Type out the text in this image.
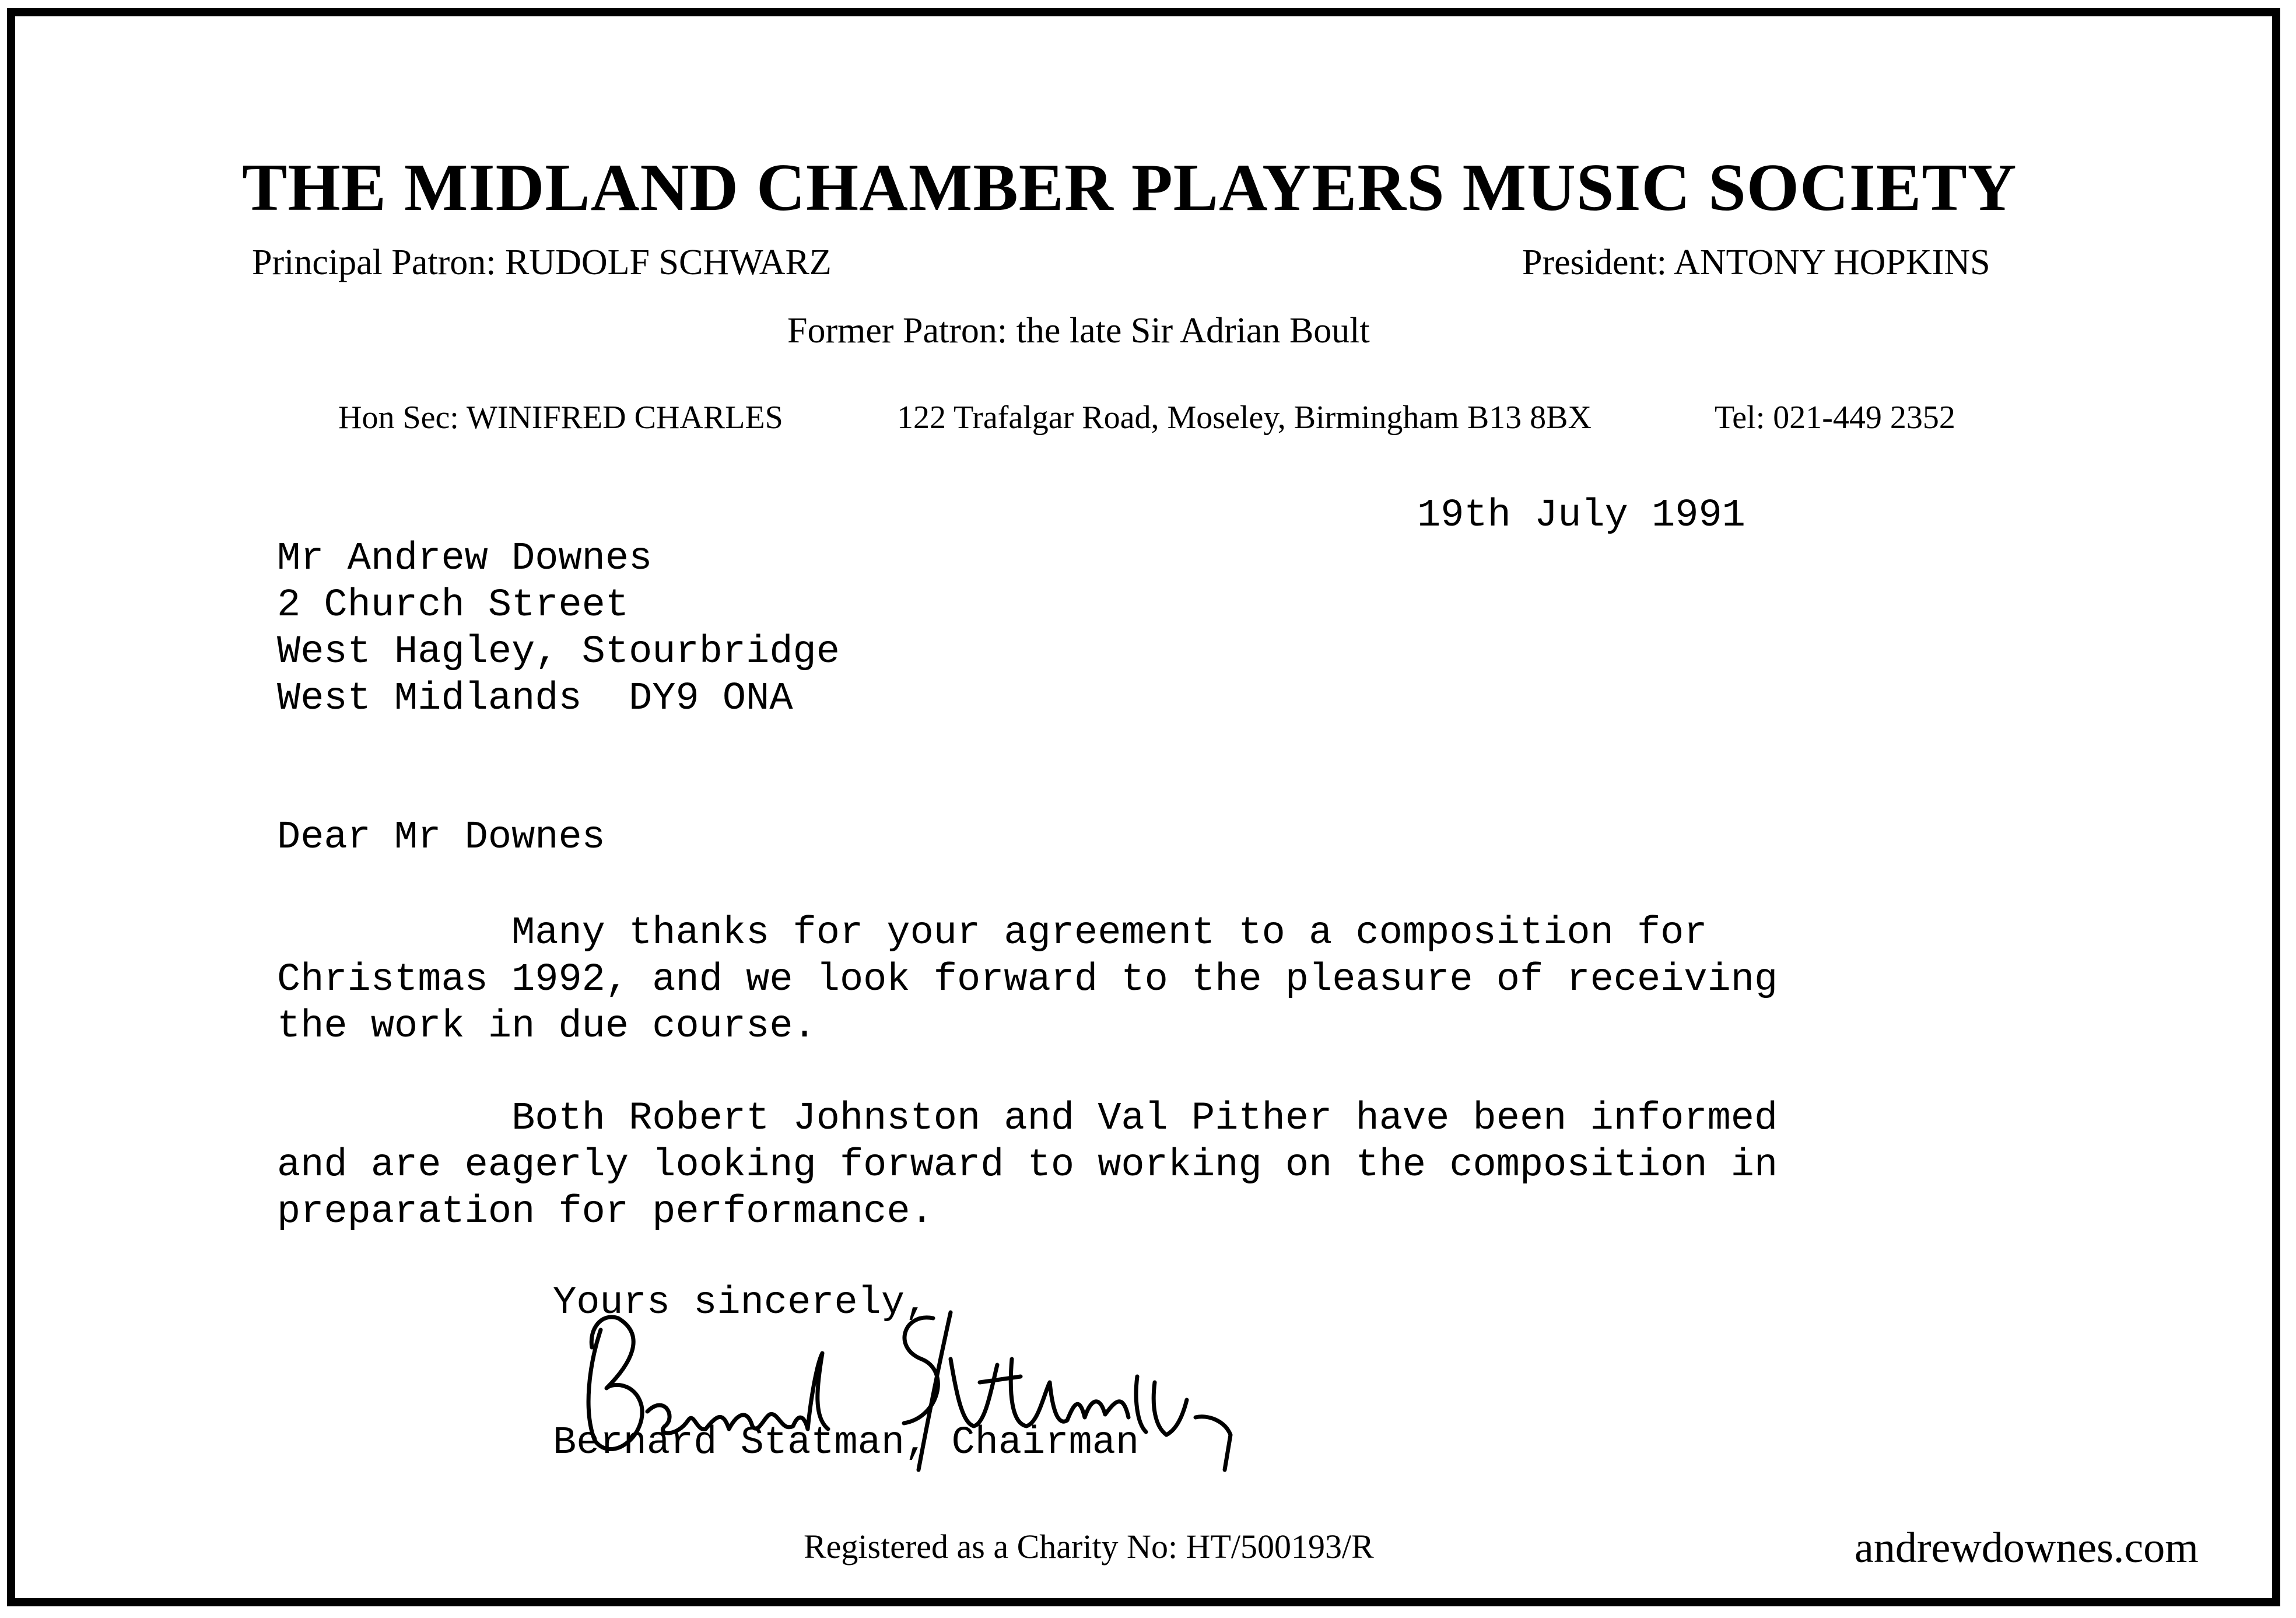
THE MIDLAND CHAMBER PLAYERS MUSIC SOCIETY
Principal Patron: RUDOLF SCHWARZ	President: ANTONY HOPKINS
Former Patron: the late Sir Adrian Boult
Hon Sec: WINIFRED CHARLES	122 Trafalgar Road, Moseley, Birmingham B13 8BX	Tel: 021-449 2352
19th July 1991
Mr Andrew Downes
2 Church Street
West Hagley, Stourbridge
West Midlands  DY9 ONA
Dear Mr Downes
Many thanks for your agreement to a composition for
Christmas 1992, and we look forward to the pleasure of receiving
the work in due course.
Both Robert Johnston and Val Pither have been informed
and are eagerly looking forward to working on the composition in
preparation for performance.
Yours sincerely,
Bernard Statman, Chairman
Registered as a Charity No: HT/500193/R	andrewdownes.com
